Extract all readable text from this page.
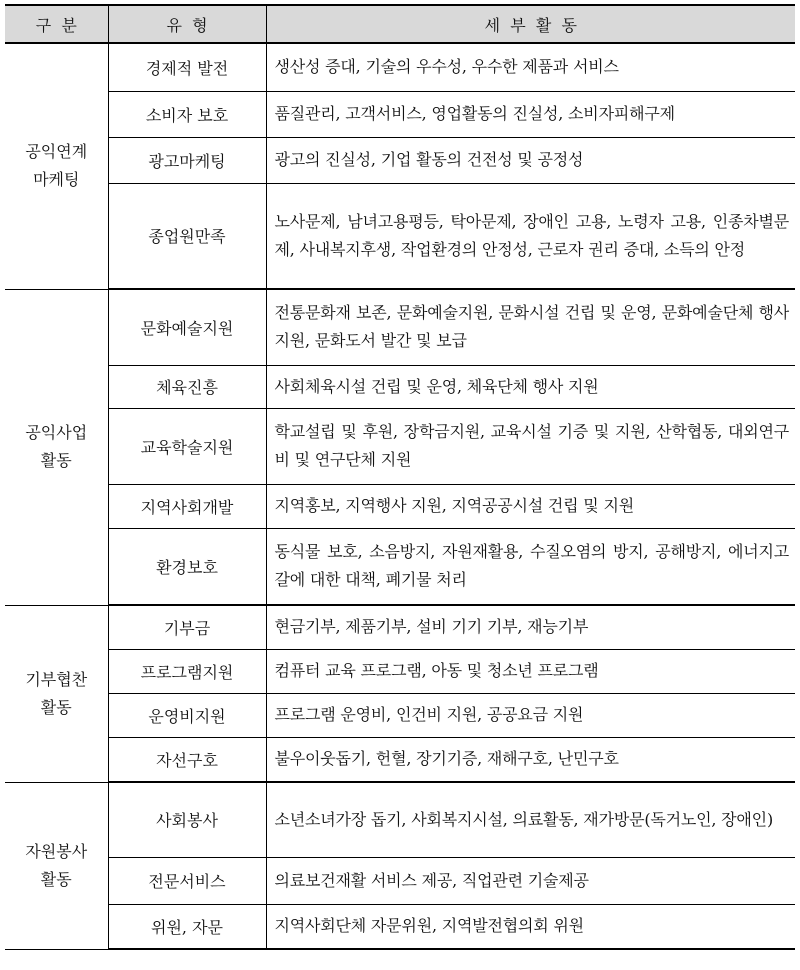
구  분	유  형	세  부  활  동

공익연계
마케팅	경제적 발전	생산성 증대, 기술의 우수성, 우수한 제품과 서비스
	소비자 보호	품질관리, 고객서비스, 영업활동의 진실성, 소비자피해구제
	광고마케팅	광고의 진실성, 기업 활동의 건전성 및 공정성
	종업원만족	노사문제, 남녀고용평등, 탁아문제, 장애인 고용, 노령자 고용, 인종차별문제, 사내복지후생, 작업환경의 안정성, 근로자 권리 증대, 소득의 안정

공익사업
활동	문화예술지원	전통문화재 보존, 문화예술지원, 문화시설 건립 및 운영, 문화예술단체 행사지원, 문화도서 발간 및 보급
	체육진흥	사회체육시설 건립 및 운영, 체육단체 행사 지원
	교육학술지원	학교설립 및 후원, 장학금지원, 교육시설 기증 및 지원, 산학협동, 대외연구비 및 연구단체 지원
	지역사회개발	지역홍보, 지역행사 지원, 지역공공시설 건립 및 지원
	환경보호	동식물 보호, 소음방지, 자원재활용, 수질오염의 방지, 공해방지, 에너지고갈에 대한 대책, 폐기물 처리

기부협찬
활동	기부금	현금기부, 제품기부, 설비 기기 기부, 재능기부
	프로그램지원	컴퓨터 교육 프로그램, 아동 및 청소년 프로그램
	운영비지원	프로그램 운영비, 인건비 지원, 공공요금 지원
	자선구호	불우이웃돕기, 헌혈, 장기기증, 재해구호, 난민구호

자원봉사
활동	사회봉사	소년소녀가장 돕기, 사회복지시설, 의료활동, 재가방문(독거노인, 장애인)
	전문서비스	의료보건재활 서비스 제공, 직업관련 기술제공
	위원, 자문	지역사회단체 자문위원, 지역발전협의회 위원
